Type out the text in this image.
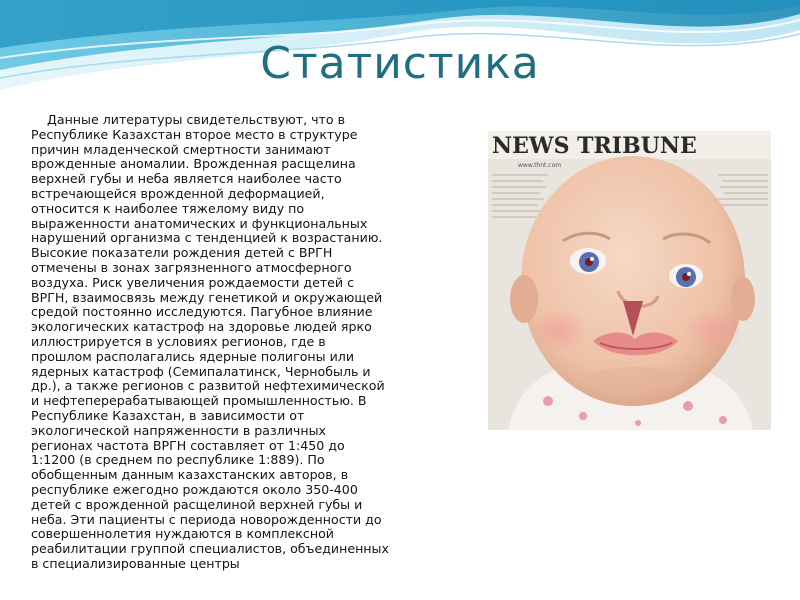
Статистика
Данные литературы свидетельствуют, что в
Республике Казахстан второе место в структуре
причин младенческой смертности занимают
врожденные аномалии. Врожденная расщелина
верхней губы и неба является наиболее часто
встречающейся врожденной деформацией,
относится к наиболее тяжелому виду по
выраженности анатомических и функциональных
нарушений организма с тенденцией к возрастанию.
Высокие показатели рождения детей с ВРГН
отмечены в зонах загрязненного атмосферного
воздуха. Риск увеличения рождаемости детей с
ВРГН, взаимосвязь между генетикой и окружающей
средой постоянно исследуются. Пагубное влияние
экологических катастроф на здоровье людей ярко
иллюстрируется в условиях регионов, где в
прошлом располагались ядерные полигоны или
ядерных катастроф (Семипалатинск, Чернобыль и
др.), а также регионов с развитой нефтехимической
и нефтеперерабатывающей промышленностью. В
Республике Казахстан, в зависимости от
экологической напряженности в различных
регионах частота ВРГН составляет от 1:450 до
1:1200 (в среднем по республике 1:889). По
обобщенным данным казахстанских авторов, в
республике ежегодно рождаются около 350-400
детей с врожденной расщелиной верхней губы и
неба. Эти пациенты с периода новорожденности до
совершеннолетия нуждаются в комплексной
реабилитации группой специалистов, объединенных
в специализированные центры
NEWS TRIBUNE
www.thnt.com
